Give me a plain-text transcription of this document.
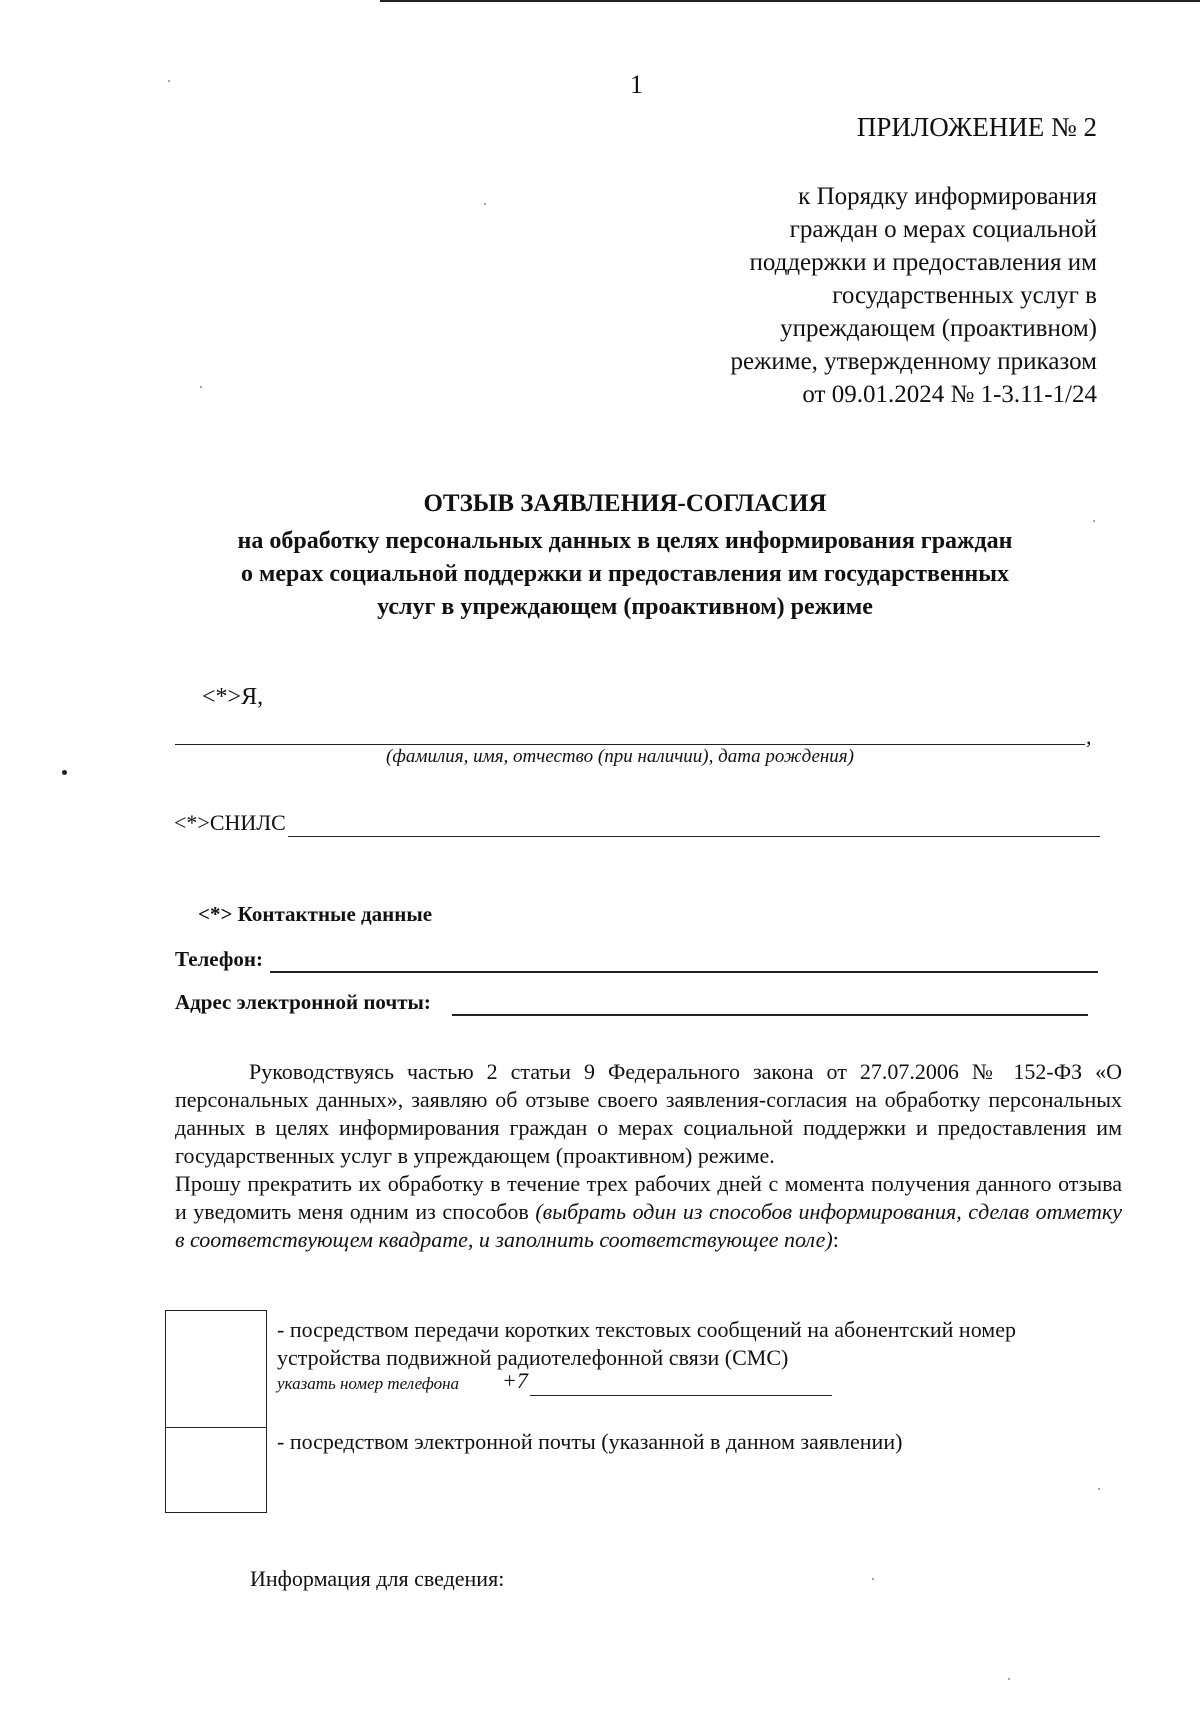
1
ПРИЛОЖЕНИЕ № 2
к Порядку информирования
граждан о мерах социальной
поддержки и предоставления им
государственных услуг в
упреждающем (проактивном)
режиме, утвержденному приказом
от 09.01.2024 № 1-3.11-1/24
ОТЗЫВ ЗАЯВЛЕНИЯ-СОГЛАСИЯ
на обработку персональных данных в целях информирования граждан
о мерах социальной поддержки и предоставления им государственных
услуг в упреждающем (проактивном) режиме
<*>Я,
,
(фамилия, имя, отчество (при наличии), дата рождения)
<*>СНИЛС
<*> Контактные данные
Телефон:
Адрес электронной почты:

Руководствуясь частью 2 статьи 9 Федерального закона от 27.07.2006 № 152-ФЗ «О персональных данных», заявляю об отзыве своего заявления-согласия на обработку персональных данных в целях информирования граждан о мерах социальной поддержки и предоставления им государственных услуг в упреждающем (проактивном) режиме.

Прошу прекратить их обработку в течение трех рабочих дней с момента получения данного отзыва и уведомить меня одним из способов (выбрать один из способов информирования, сделав отметку в соответствующем квадрате, и заполнить соответствующее поле):

- посредством передачи коротких текстовых сообщений на абонентский номер
устройства подвижной радиотелефонной связи (СМС)
указать номер телефона +7
- посредством электронной почты (указанной в данном заявлении)
Информация для сведения:
